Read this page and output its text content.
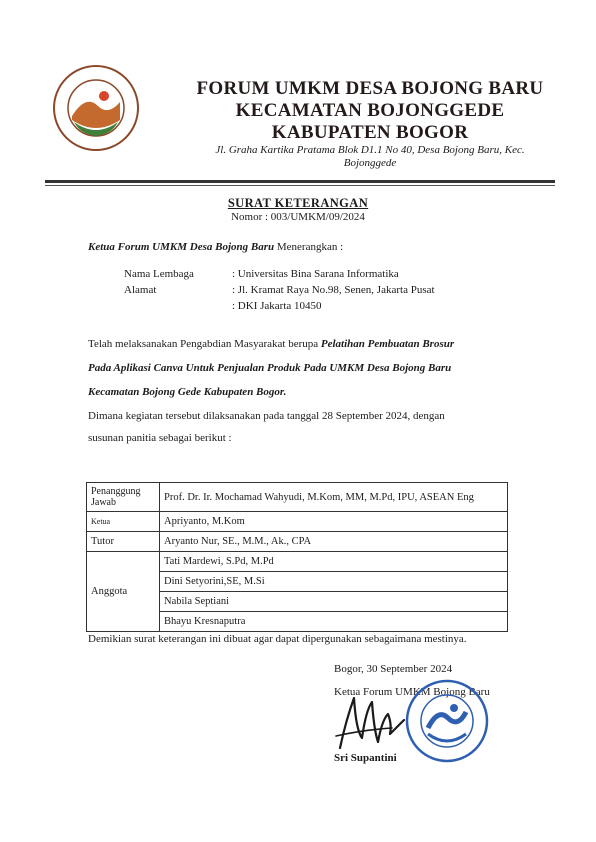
FORUM UMKM DESA BOJONG BARU
KECAMATAN BOJONGGEDE
KABUPATEN BOGOR
Jl. Graha Kartika Pratama Blok D1.1 No 40, Desa Bojong Baru, Kec.
Bojonggede
SURAT KETERANGAN
Nomor : 003/UMKM/09/2024
Ketua Forum UMKM Desa Bojong Baru Menerangkan :
Nama Lembaga	: Universitas Bina Sarana Informatika
Alamat	: Jl. Kramat Raya No.98, Senen, Jakarta Pusat
: DKI Jakarta 10450
Telah melaksanakan Pengabdian Masyarakat berupa Pelatihan Pembuatan Brosur
Pada Aplikasi Canva Untuk Penjualan Produk Pada UMKM Desa Bojong Baru
Kecamatan Bojong Gede Kabupaten Bogor.
Dimana kegiatan tersebut dilaksanakan pada tanggal 28 September 2024, dengan
susunan panitia sebagai berikut :
Penanggung Jawab	Prof. Dr. Ir. Mochamad Wahyudi, M.Kom, MM, M.Pd, IPU, ASEAN Eng
Ketua	Apriyanto, M.Kom
Tutor	Aryanto Nur, SE., M.M., Ak., CPA
Anggota	Tati Mardewi, S.Pd, M.Pd
	Dini Setyorini,SE, M.Si
	Nabila Septiani
	Bhayu Kresnaputra
Demikian surat keterangan ini dibuat agar dapat dipergunakan sebagaimana mestinya.
Bogor, 30 September 2024
Ketua Forum UMKM Bojong Baru
Sri Supantini
